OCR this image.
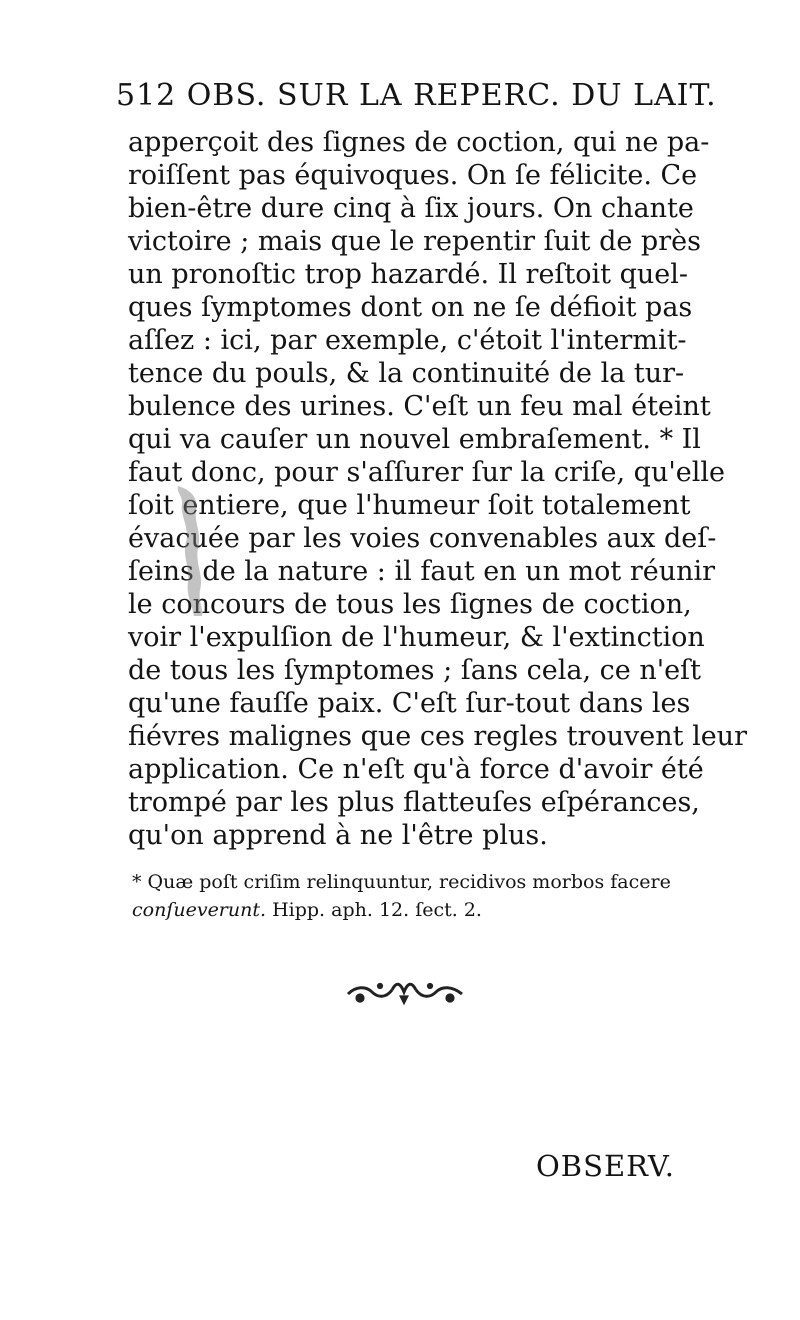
512 OBS. SUR LA REPERC. DU LAIT.
apperçoit des ſignes de coction, qui ne pa-
roiſſent pas équivoques. On ſe félicite. Ce
bien-être dure cinq à ſix jours. On chante
victoire ; mais que le repentir ſuit de près
un pronoſtic trop hazardé. Il reſtoit quel-
ques ſymptomes dont on ne ſe défioit pas
aſſez : ici, par exemple, c'étoit l'intermit-
tence du pouls, & la continuité de la tur-
bulence des urines. C'eſt un feu mal éteint
qui va cauſer un nouvel embraſement. * Il
faut donc, pour s'aſſurer ſur la criſe, qu'elle
ſoit entiere, que l'humeur ſoit totalement
évacuée par les voies convenables aux deſ-
ſeins de la nature : il faut en un mot réunir
le concours de tous les ſignes de coction,
voir l'expulſion de l'humeur, & l'extinction
de tous les ſymptomes ; ſans cela, ce n'eſt
qu'une fauſſe paix. C'eſt ſur-tout dans les
fiévres malignes que ces regles trouvent leur
application. Ce n'eſt qu'à force d'avoir été
trompé par les plus flatteuſes eſpérances,
qu'on apprend à ne l'être plus.
* Quæ poſt criſim relinquuntur, recidivos morbos facere
conſueverunt. Hipp. aph. 12. ſect. 2.
OBSERV.
